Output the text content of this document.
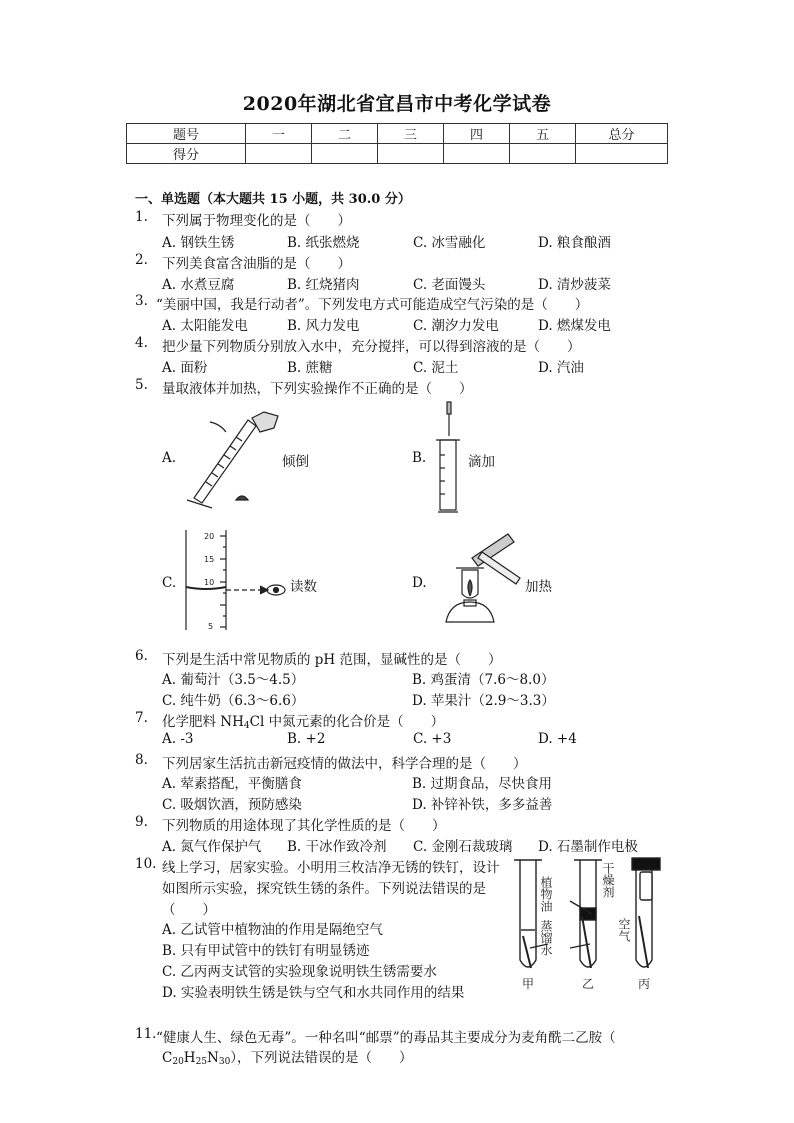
2020年湖北省宜昌市中考化学试卷
题号	一	二	三	四	五	总分
得分						
一、单选题（本大题共 15 小题，共 30.0 分）
1. 下列属于物理变化的是（　　）
A. 钢铁生锈	B. 纸张燃烧	C. 冰雪融化	D. 粮食酿酒
2. 下列美食富含油脂的是（　　）
A. 水煮豆腐	B. 红烧猪肉	C. 老面馒头	D. 清炒菠菜
3. “美丽中国，我是行动者”。下列发电方式可能造成空气污染的是（　　）
A. 太阳能发电	B. 风力发电	C. 潮汐力发电	D. 燃煤发电
4. 把少量下列物质分别放入水中，充分搅拌，可以得到溶液的是（　　）
A. 面粉	B. 蔗糖	C. 泥土	D. 汽油
5. 量取液体并加热，下列实验操作不正确的是（　　）
A.	倾倒	B.	滴加
C.	读数
20
15
10
5
D.	加热
6. 下列是生活中常见物质的 pH 范围，显碱性的是（　　）
A. 葡萄汁（3.5～4.5）	B. 鸡蛋清（7.6～8.0）
C. 纯牛奶（6.3～6.6）	D. 苹果汁（2.9～3.3）
7. 化学肥料 $NH_4Cl$ 中氮元素的化合价是（　　）
A. -3	B. +2	C. +3	D. +4
8. 下列居家生活抗击新冠疫情的做法中，科学合理的是（　　）
A. 荤素搭配，平衡膳食	B. 过期食品，尽快食用
C. 吸烟饮酒，预防感染	D. 补锌补铁，多多益善
9. 下列物质的用途体现了其化学性质的是（　　）
A. 氮气作保护气 B. 干冰作致冷剂 C. 金刚石裁玻璃 D. 石墨制作电极
10. 线上学习，居家实验。小明用三枚洁净无锈的铁钉，设计
如图所示实验，探究铁生锈的条件。下列说法错误的是
（　　）
A. 乙试管中植物油的作用是隔绝空气
B. 只有甲试管中的铁钉有明显锈迹
C. 乙丙两支试管的实验现象说明铁生锈需要水
D. 实验表明铁生锈是铁与空气和水共同作用的结果
植物油
蒸馏水
干燥剂
空气
甲	乙	丙
11. “健康人生、绿色无毒”。一种名叫“邮票”的毒品其主要成分为麦角酰二乙胺（
$C_{20}H_{25}N_{30}$），下列说法错误的是（　　）
